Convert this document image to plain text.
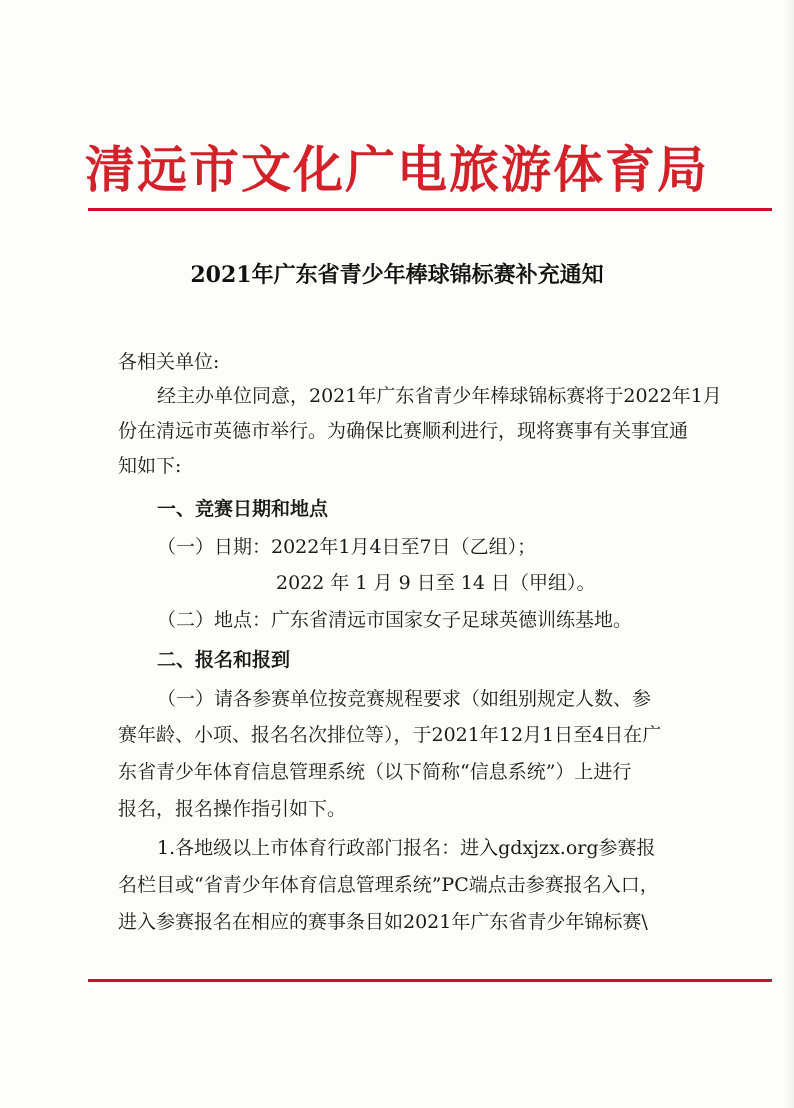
清远市文化广电旅游体育局
2021年广东省青少年棒球锦标赛补充通知
各相关单位:
经主办单位同意，2021年广东省青少年棒球锦标赛将于2022年1月
份在清远市英德市举行。为确保比赛顺利进行，现将赛事有关事宜通
知如下:
一、竞赛日期和地点
（一）日期：2022年1月4日至7日（乙组）；
2022 年 1 月 9 日至 14 日（甲组）。
（二）地点：广东省清远市国家女子足球英德训练基地。
二、报名和报到
（一）请各参赛单位按竞赛规程要求（如组别规定人数、参
赛年龄、小项、报名名次排位等），于2021年12月1日至4日在广
东省青少年体育信息管理系统（以下简称“信息系统”）上进行
报名，报名操作指引如下。
1.各地级以上市体育行政部门报名：进入gdxjzx.org参赛报
名栏目或“省青少年体育信息管理系统”PC端点击参赛报名入口，
进入参赛报名在相应的赛事条目如2021年广东省青少年锦标赛\
